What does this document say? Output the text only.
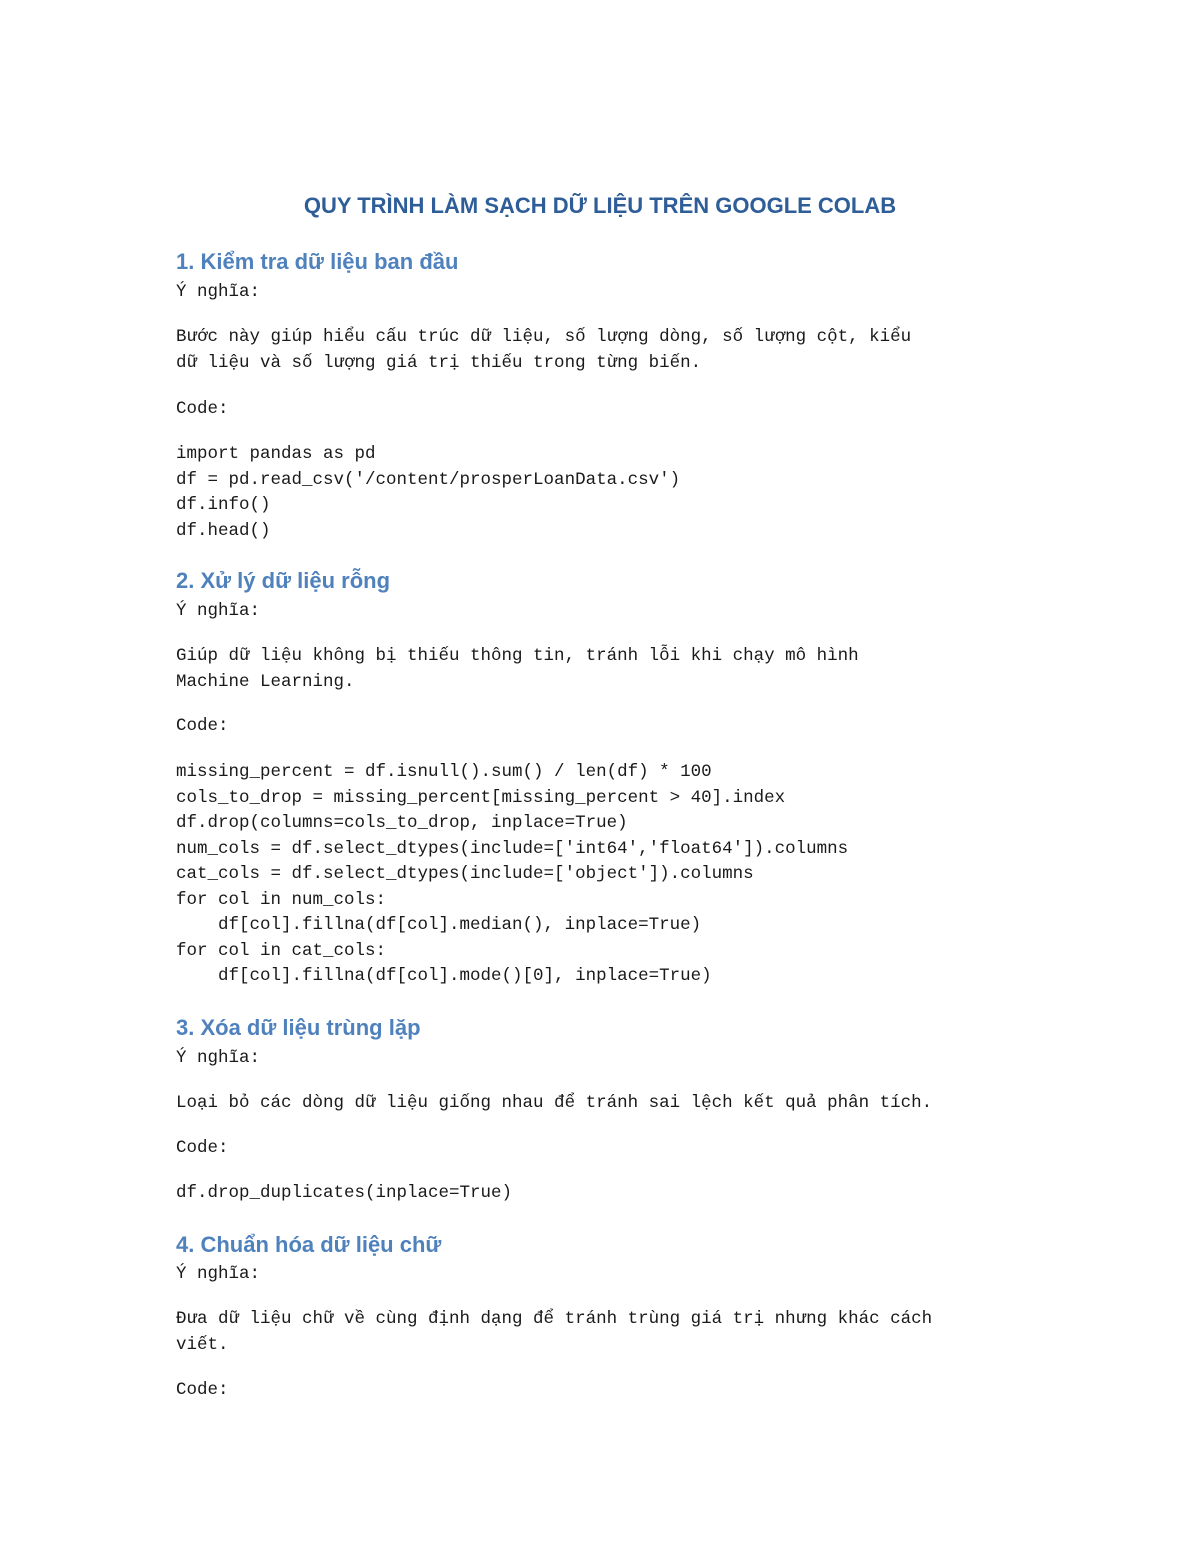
QUY TRÌNH LÀM SẠCH DỮ LIỆU TRÊN GOOGLE COLAB
1. Kiểm tra dữ liệu ban đầu

Ý nghĩa:

Bước này giúp hiểu cấu trúc dữ liệu, số lượng dòng, số lượng cột, kiểu
dữ liệu và số lượng giá trị thiếu trong từng biến.

Code:

import pandas as pd
df = pd.read_csv('/content/prosperLoanData.csv')
df.info()
df.head()
2. Xử lý dữ liệu rỗng

Ý nghĩa:

Giúp dữ liệu không bị thiếu thông tin, tránh lỗi khi chạy mô hình
Machine Learning.

Code:

missing_percent = df.isnull().sum() / len(df) * 100
cols_to_drop = missing_percent[missing_percent > 40].index
df.drop(columns=cols_to_drop, inplace=True)
num_cols = df.select_dtypes(include=['int64','float64']).columns
cat_cols = df.select_dtypes(include=['object']).columns
for col in num_cols:
df[col].fillna(df[col].median(), inplace=True)
for col in cat_cols:
df[col].fillna(df[col].mode()[0], inplace=True)
3. Xóa dữ liệu trùng lặp

Ý nghĩa:

Loại bỏ các dòng dữ liệu giống nhau để tránh sai lệch kết quả phân tích.

Code:

df.drop_duplicates(inplace=True)
4. Chuẩn hóa dữ liệu chữ

Ý nghĩa:

Đưa dữ liệu chữ về cùng định dạng để tránh trùng giá trị nhưng khác cách
viết.

Code:
